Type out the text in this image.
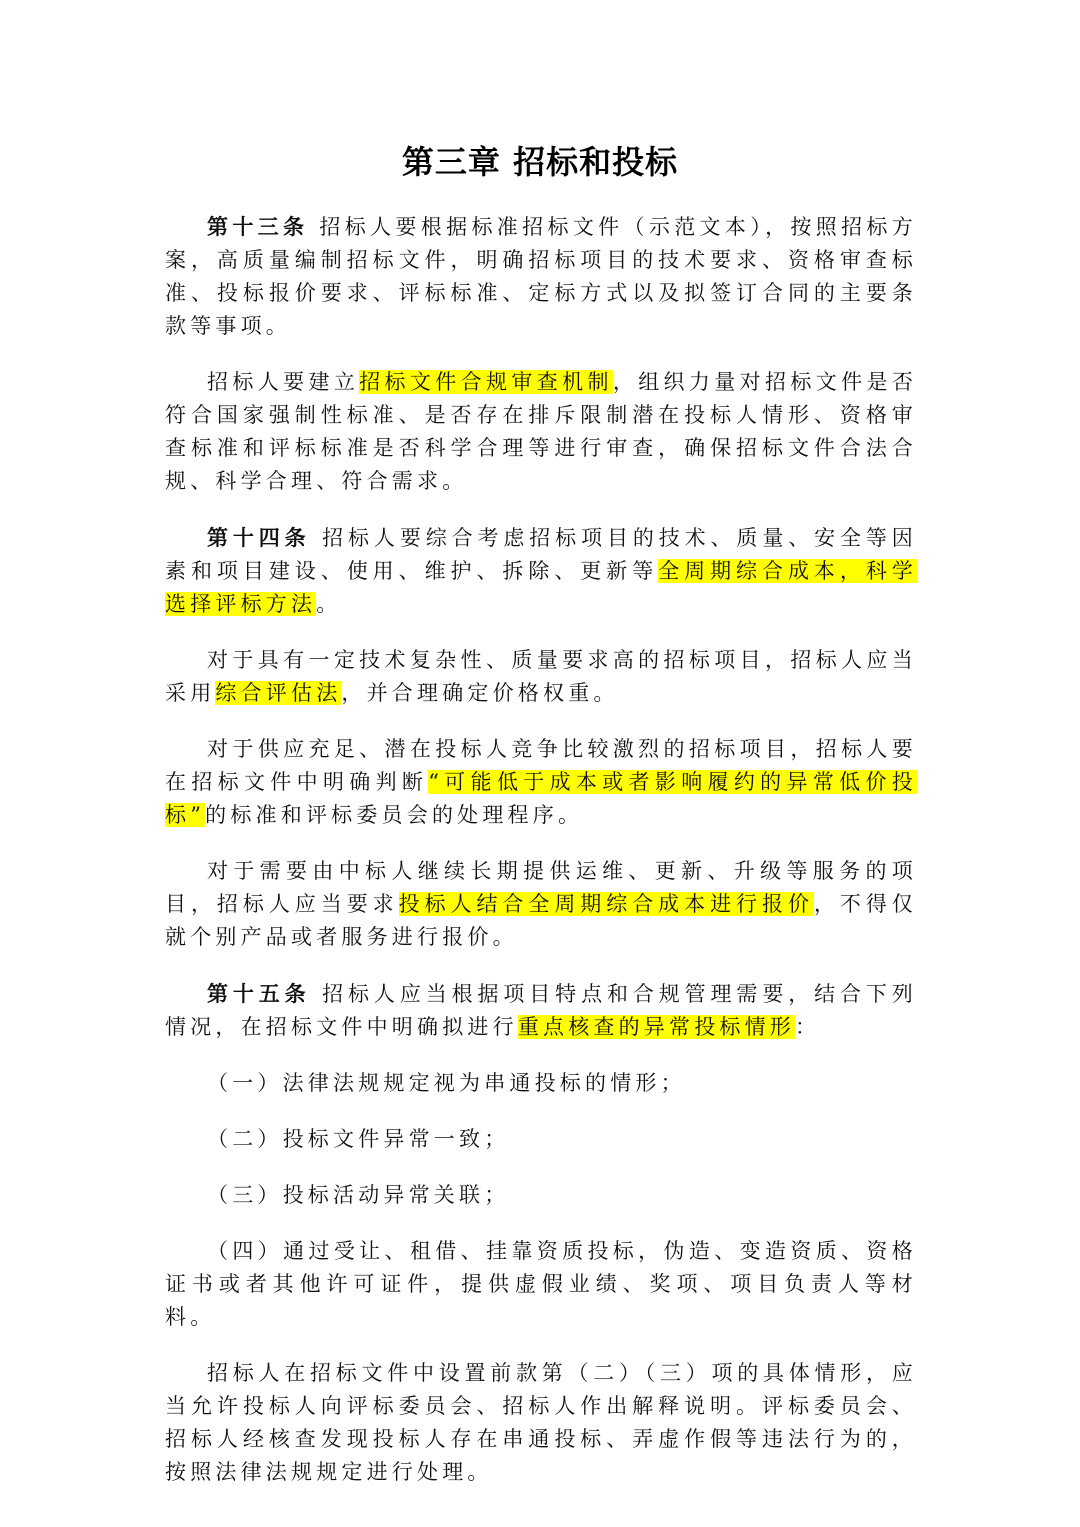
第三章 招标和投标

第十三条 招标人要根据标准招标文件（示范文本），按照招标方案，高质量编制招标文件，明确招标项目的技术要求、资格审查标准、投标报价要求、评标标准、定标方式以及拟签订合同的主要条款等事项。

招标人要建立招标文件合规审查机制，组织力量对招标文件是否符合国家强制性标准、是否存在排斥限制潜在投标人情形、资格审查标准和评标标准是否科学合理等进行审查，确保招标文件合法合规、科学合理、符合需求。

第十四条 招标人要综合考虑招标项目的技术、质量、安全等因素和项目建设、使用、维护、拆除、更新等全周期综合成本，科学选择评标方法。

对于具有一定技术复杂性、质量要求高的招标项目，招标人应当采用综合评估法，并合理确定价格权重。

对于供应充足、潜在投标人竞争比较激烈的招标项目，招标人要在招标文件中明确判断“可能低于成本或者影响履约的异常低价投标”的标准和评标委员会的处理程序。

对于需要由中标人继续长期提供运维、更新、升级等服务的项目，招标人应当要求投标人结合全周期综合成本进行报价，不得仅就个别产品或者服务进行报价。

第十五条 招标人应当根据项目特点和合规管理需要，结合下列情况，在招标文件中明确拟进行重点核查的异常投标情形：

（一）法律法规规定视为串通投标的情形；

（二）投标文件异常一致；

（三）投标活动异常关联；

（四）通过受让、租借、挂靠资质投标，伪造、变造资质、资格证书或者其他许可证件，提供虚假业绩、奖项、项目负责人等材料。

招标人在招标文件中设置前款第（二）（三）项的具体情形，应当允许投标人向评标委员会、招标人作出解释说明。评标委员会、招标人经核查发现投标人存在串通投标、弄虚作假等违法行为的，按照法律法规规定进行处理。
